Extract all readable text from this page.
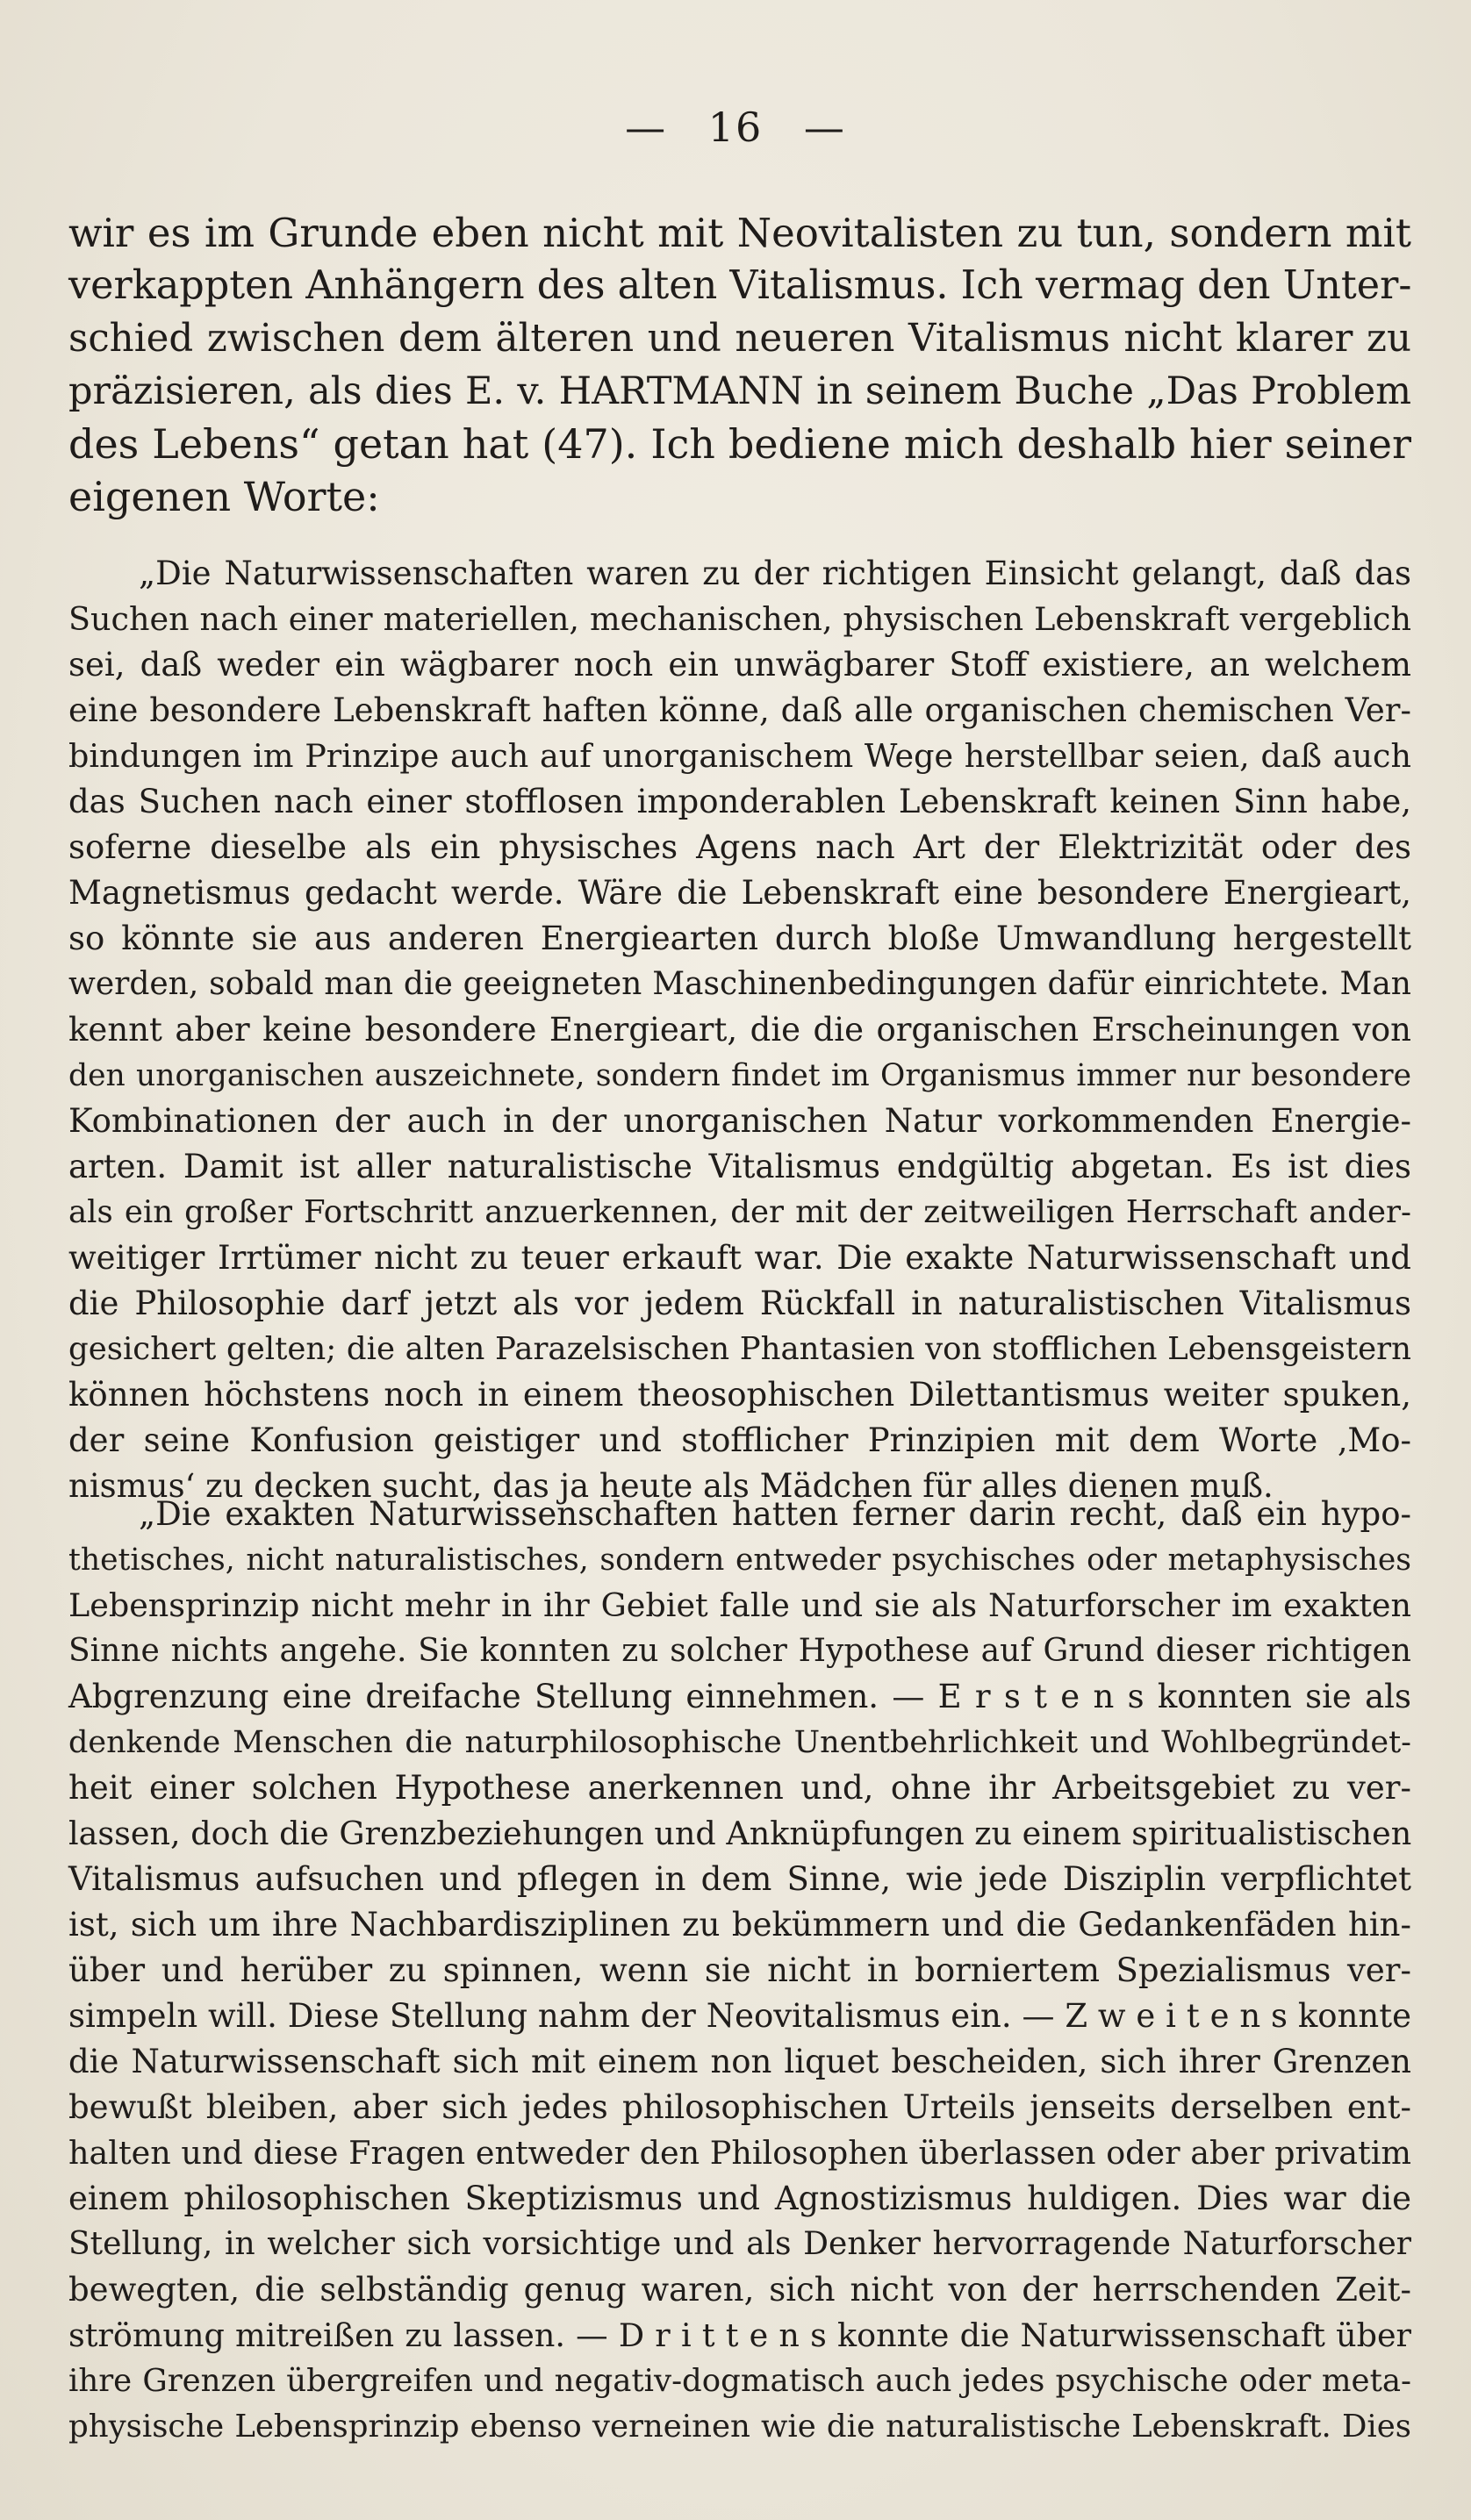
— 16 —
wir es im Grunde eben nicht mit Neovitalisten zu tun, sondern mit
verkappten Anhängern des alten Vitalismus. Ich vermag den Unter-
schied zwischen dem älteren und neueren Vitalismus nicht klarer zu
präzisieren, als dies E. v. HARTMANN in seinem Buche „Das Problem
des Lebens“ getan hat (47). Ich bediene mich deshalb hier seiner
eigenen Worte:
„Die Naturwissenschaften waren zu der richtigen Einsicht gelangt, daß das
Suchen nach einer materiellen, mechanischen, physischen Lebenskraft vergeblich
sei, daß weder ein wägbarer noch ein unwägbarer Stoff existiere, an welchem
eine besondere Lebenskraft haften könne, daß alle organischen chemischen Ver-
bindungen im Prinzipe auch auf unorganischem Wege herstellbar seien, daß auch
das Suchen nach einer stofflosen imponderablen Lebenskraft keinen Sinn habe,
soferne dieselbe als ein physisches Agens nach Art der Elektrizität oder des
Magnetismus gedacht werde. Wäre die Lebenskraft eine besondere Energieart,
so könnte sie aus anderen Energiearten durch bloße Umwandlung hergestellt
werden, sobald man die geeigneten Maschinenbedingungen dafür einrichtete. Man
kennt aber keine besondere Energieart, die die organischen Erscheinungen von
den unorganischen auszeichnete, sondern findet im Organismus immer nur besondere
Kombinationen der auch in der unorganischen Natur vorkommenden Energie-
arten. Damit ist aller naturalistische Vitalismus endgültig abgetan. Es ist dies
als ein großer Fortschritt anzuerkennen, der mit der zeitweiligen Herrschaft ander-
weitiger Irrtümer nicht zu teuer erkauft war. Die exakte Naturwissenschaft und
die Philosophie darf jetzt als vor jedem Rückfall in naturalistischen Vitalismus
gesichert gelten; die alten Parazelsischen Phantasien von stofflichen Lebensgeistern
können höchstens noch in einem theosophischen Dilettantismus weiter spuken,
der seine Konfusion geistiger und stofflicher Prinzipien mit dem Worte ‚Mo-
nismus‘ zu decken sucht, das ja heute als Mädchen für alles dienen muß.
„Die exakten Naturwissenschaften hatten ferner darin recht, daß ein hypo-
thetisches, nicht naturalistisches, sondern entweder psychisches oder metaphysisches
Lebensprinzip nicht mehr in ihr Gebiet falle und sie als Naturforscher im exakten
Sinne nichts angehe. Sie konnten zu solcher Hypothese auf Grund dieser richtigen
Abgrenzung eine dreifache Stellung einnehmen. — E r s t e n s konnten sie als
denkende Menschen die naturphilosophische Unentbehrlichkeit und Wohlbegründet-
heit einer solchen Hypothese anerkennen und, ohne ihr Arbeitsgebiet zu ver-
lassen, doch die Grenzbeziehungen und Anknüpfungen zu einem spiritualistischen
Vitalismus aufsuchen und pflegen in dem Sinne, wie jede Disziplin verpflichtet
ist, sich um ihre Nachbardisziplinen zu bekümmern und die Gedankenfäden hin-
über und herüber zu spinnen, wenn sie nicht in borniertem Spezialismus ver-
simpeln will. Diese Stellung nahm der Neovitalismus ein. — Z w e i t e n s konnte
die Naturwissenschaft sich mit einem non liquet bescheiden, sich ihrer Grenzen
bewußt bleiben, aber sich jedes philosophischen Urteils jenseits derselben ent-
halten und diese Fragen entweder den Philosophen überlassen oder aber privatim
einem philosophischen Skeptizismus und Agnostizismus huldigen. Dies war die
Stellung, in welcher sich vorsichtige und als Denker hervorragende Naturforscher
bewegten, die selbständig genug waren, sich nicht von der herrschenden Zeit-
strömung mitreißen zu lassen. — D r i t t e n s konnte die Naturwissenschaft über
ihre Grenzen übergreifen und negativ-dogmatisch auch jedes psychische oder meta-
physische Lebensprinzip ebenso verneinen wie die naturalistische Lebenskraft. Dies
